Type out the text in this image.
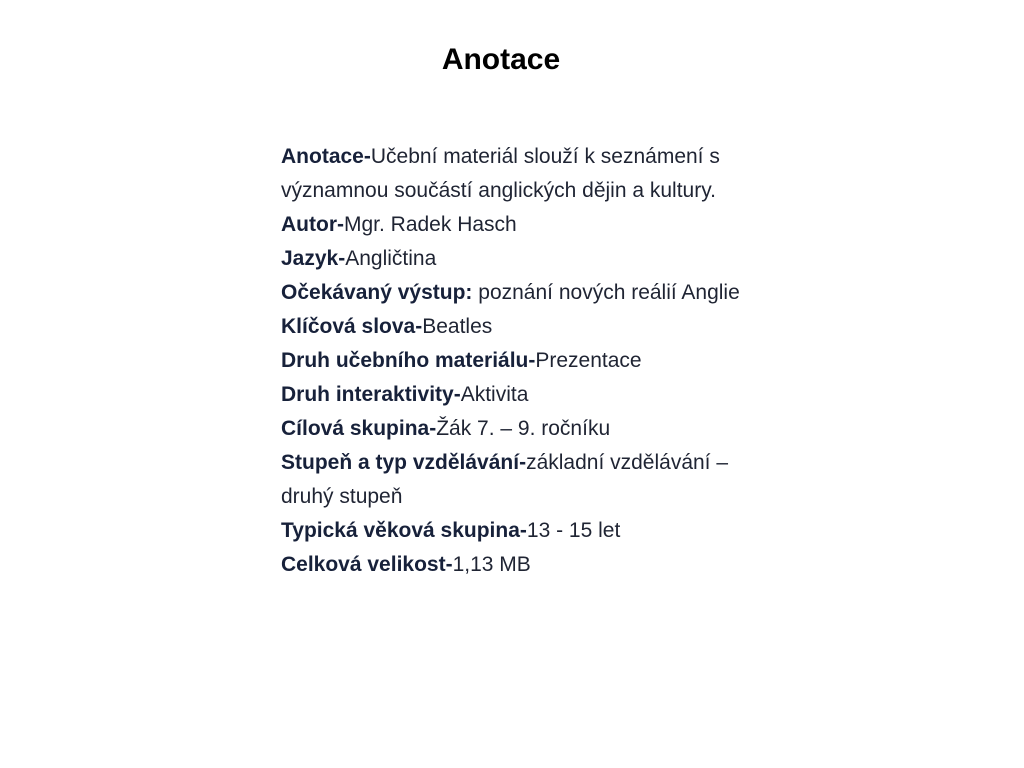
Anotace
Anotace-Učební materiál slouží k seznámení s významnou součástí anglických dějin a kultury.
Autor-Mgr. Radek Hasch
Jazyk-Angličtina
Očekávaný výstup: poznání nových reálií Anglie
Klíčová slova-Beatles
Druh učebního materiálu-Prezentace
Druh interaktivity-Aktivita
Cílová skupina-Žák 7. – 9. ročníku
Stupeň a typ vzdělávání-základní vzdělávání – druhý stupeň
Typická věková skupina-13 - 15 let
Celková velikost-1,13 MB
